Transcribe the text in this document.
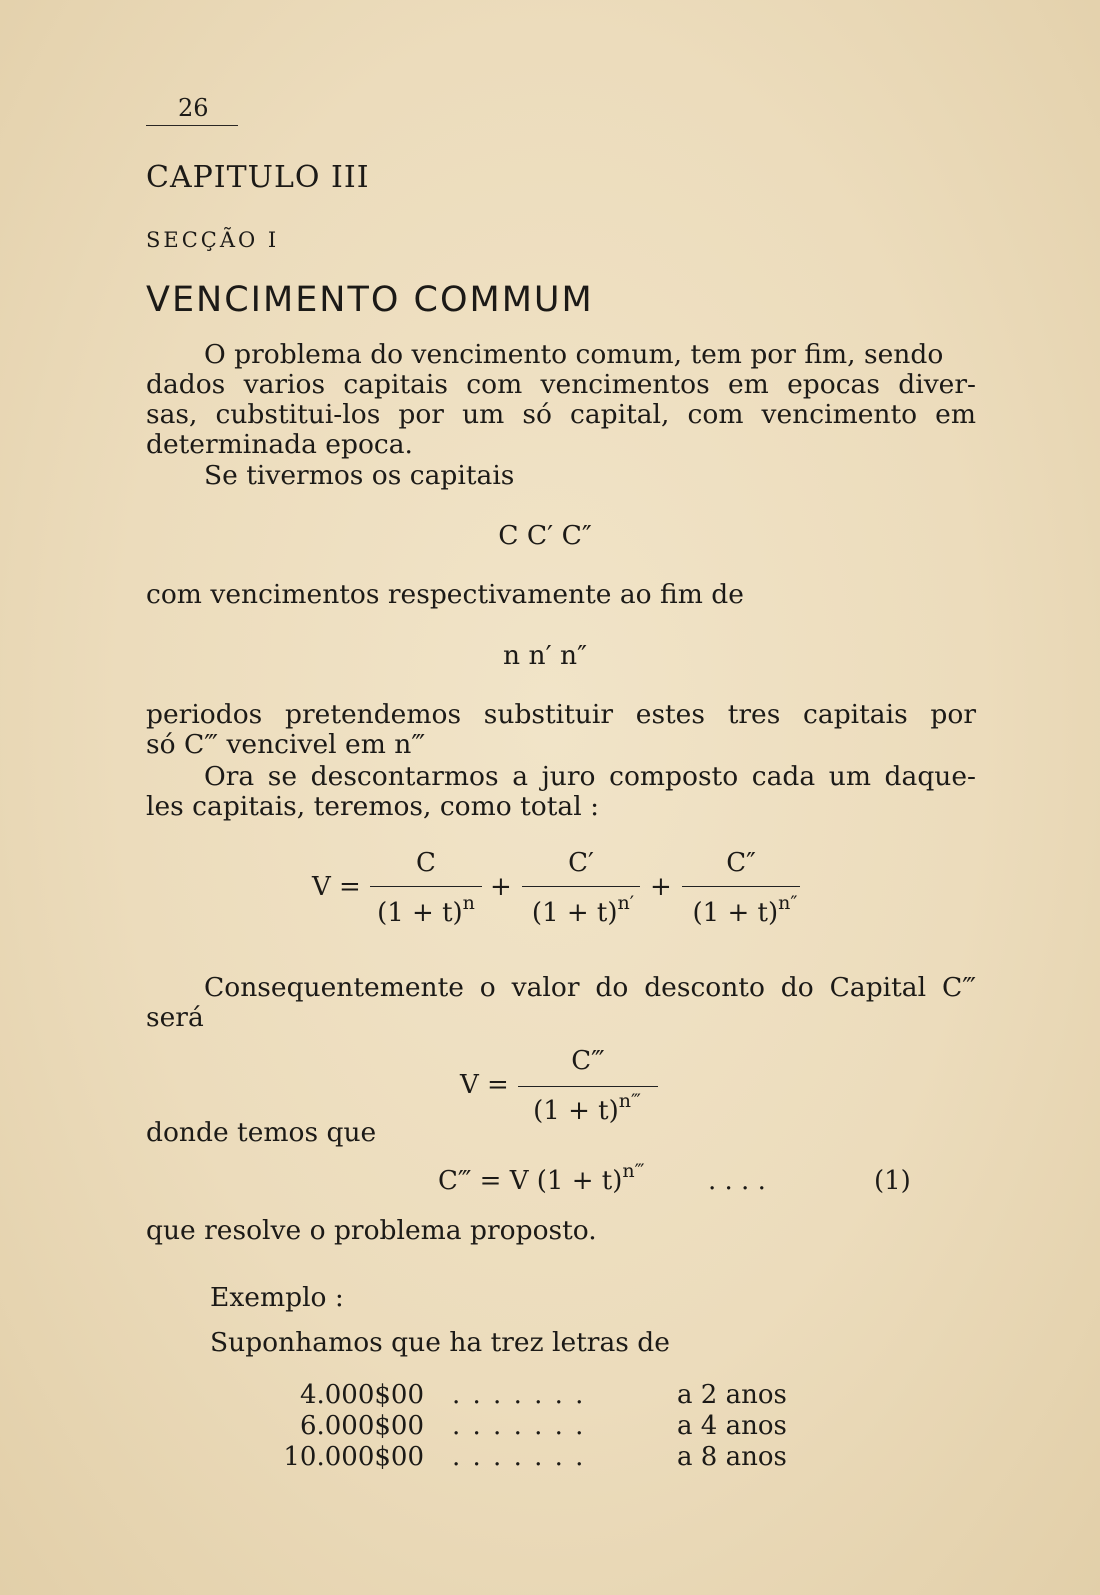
26
CAPITULO III
SECÇÃO I
VENCIMENTO COMMUM
O problema do vencimento comum, tem por fim, sendo
dados varios capitais com vencimentos em epocas diver-
sas, cubstitui-los por um só capital, com vencimento em
determinada epoca.
Se tivermos os capitais
C C′ C″
com vencimentos respectivamente ao fim de
n n′ n″
periodos pretendemos substituir estes tres capitais por
só C‴ vencivel em n‴
Ora se descontarmos a juro composto cada um daque-
les capitais, teremos, como total :
V =
C
$(1 + t)^n$
+
C′
$(1 + t)^{n'}$
+
C″
$(1 + t)^{n''}$
Consequentemente o valor do desconto do Capital C‴
será
V =
C‴
$(1 + t)^{n‴}$
donde temos que
C‴ = V $(1 + t)^{n‴}$ . . . .	(1)
que resolve o problema proposto.
Exemplo :
Suponhamos que ha trez letras de
4.000$00	. . . . . . .	a 2 anos
6.000$00	. . . . . . .	a 4 anos
10.000$00	. . . . . . .	a 8 anos
